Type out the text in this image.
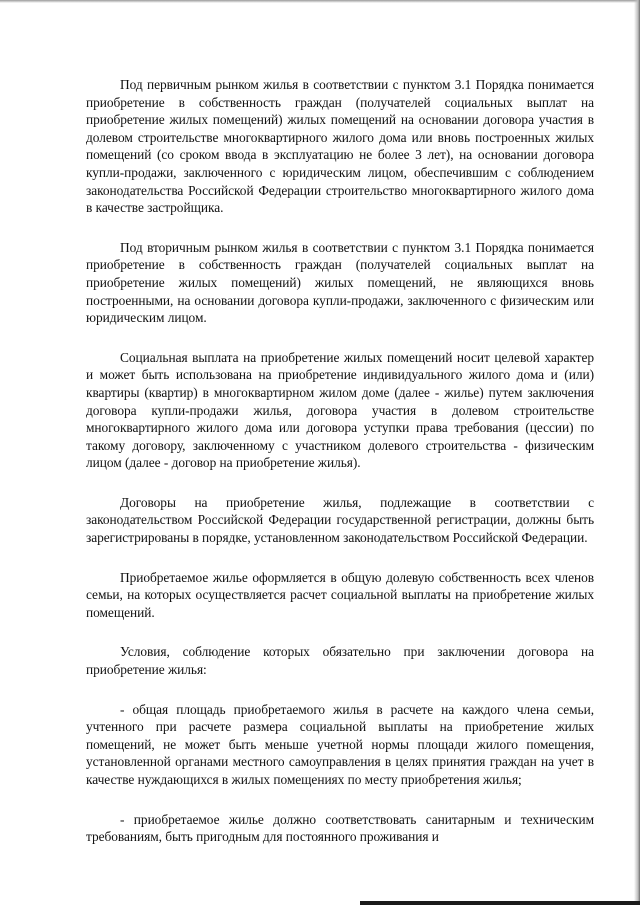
Под первичным рынком жилья в соответствии с пунктом 3.1 Порядка понимается приобретение в собственность граждан (получателей социальных выплат на приобретение жилых помещений) жилых помещений на основании договора участия в долевом строительстве многоквартирного жилого дома или вновь построенных жилых помещений (со сроком ввода в эксплуатацию не более 3 лет), на основании договора купли-продажи, заключенного с юридическим лицом, обеспечившим с соблюдением законодательства Российской Федерации строительство многоквартирного жилого дома в качестве застройщика.

Под вторичным рынком жилья в соответствии с пунктом 3.1 Порядка понимается приобретение в собственность граждан (получателей социальных выплат на приобретение жилых помещений) жилых помещений, не являющихся вновь построенными, на основании договора купли-продажи, заключенного с физическим или юридическим лицом.

Социальная выплата на приобретение жилых помещений носит целевой характер и может быть использована на приобретение индивидуального жилого дома и (или) квартиры (квартир) в многоквартирном жилом доме (далее - жилье) путем заключения договора купли-продажи жилья, договора участия в долевом строительстве многоквартирного жилого дома или договора уступки права требования (цессии) по такому договору, заключенному с участником долевого строительства - физическим лицом (далее - договор на приобретение жилья).

Договоры на приобретение жилья, подлежащие в соответствии с законодательством Российской Федерации государственной регистрации, должны быть зарегистрированы в порядке, установленном законодательством Российской Федерации.

Приобретаемое жилье оформляется в общую долевую собственность всех членов семьи, на которых осуществляется расчет социальной выплаты на приобретение жилых помещений.

Условия, соблюдение которых обязательно при заключении договора на приобретение жилья:

- общая площадь приобретаемого жилья в расчете на каждого члена семьи, учтенного при расчете размера социальной выплаты на приобретение жилых помещений, не может быть меньше учетной нормы площади жилого помещения, установленной органами местного самоуправления в целях принятия граждан на учет в качестве нуждающихся в жилых помещениях по месту приобретения жилья;

- приобретаемое жилье должно соответствовать санитарным и техническим требованиям, быть пригодным для постоянного проживания и
